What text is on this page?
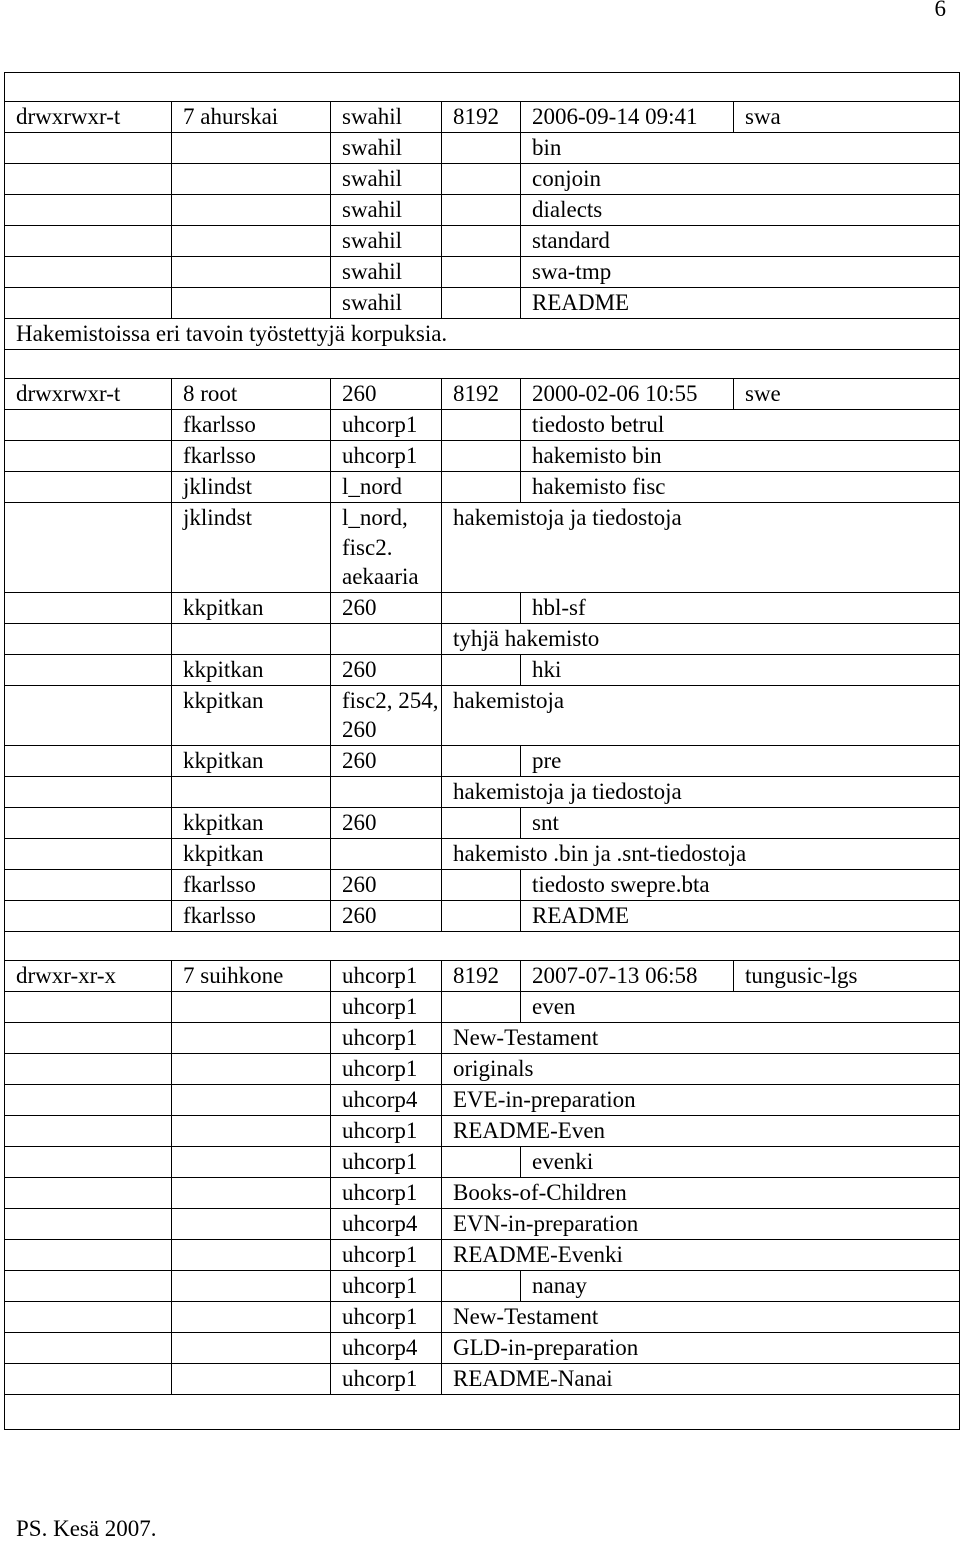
6

drwxrwxr-t	7 ahurskai	swahil	8192	2006-09-14 09:41	swa
		swahil		bin	
		swahil		conjoin	
		swahil		dialects	
		swahil		standard	
		swahil		swa-tmp	
		swahil		README	
Hakemistoissa eri tavoin työstettyjä korpuksia.					

drwxrwxr-t	8 root	260	8192	2000-02-06 10:55	swe
	fkarlsso	uhcorp1		tiedosto betrul	
	fkarlsso	uhcorp1		hakemisto bin	
	jklindst	l_nord		hakemisto fisc	
	jklindst	l_nord, fisc2. aekaaria	hakemistoja ja tiedostoja		
	kkpitkan	260		hbl-sf	
			tyhjä hakemisto		
	kkpitkan	260		hki	
	kkpitkan	fisc2, 254, 260	hakemistoja		
	kkpitkan	260		pre	
			hakemistoja ja tiedostoja		
	kkpitkan	260		snt	
	kkpitkan		hakemisto .bin ja .snt-tiedostoja		
	fkarlsso	260		tiedosto swepre.bta	
	fkarlsso	260		README	

drwxr-xr-x	7 suihkone	uhcorp1	8192	2007-07-13 06:58	tungusic-lgs
		uhcorp1		even	
		uhcorp1	New-Testament		
		uhcorp1	originals		
		uhcorp4	EVE-in-preparation		
		uhcorp1	README-Even		
		uhcorp1		evenki	
		uhcorp1	Books-of-Children		
		uhcorp4	EVN-in-preparation		
		uhcorp1	README-Evenki		
		uhcorp1		nanay	
		uhcorp1	New-Testament		
		uhcorp4	GLD-in-preparation		
		uhcorp1	README-Nanai		

PS. Kesä 2007.
